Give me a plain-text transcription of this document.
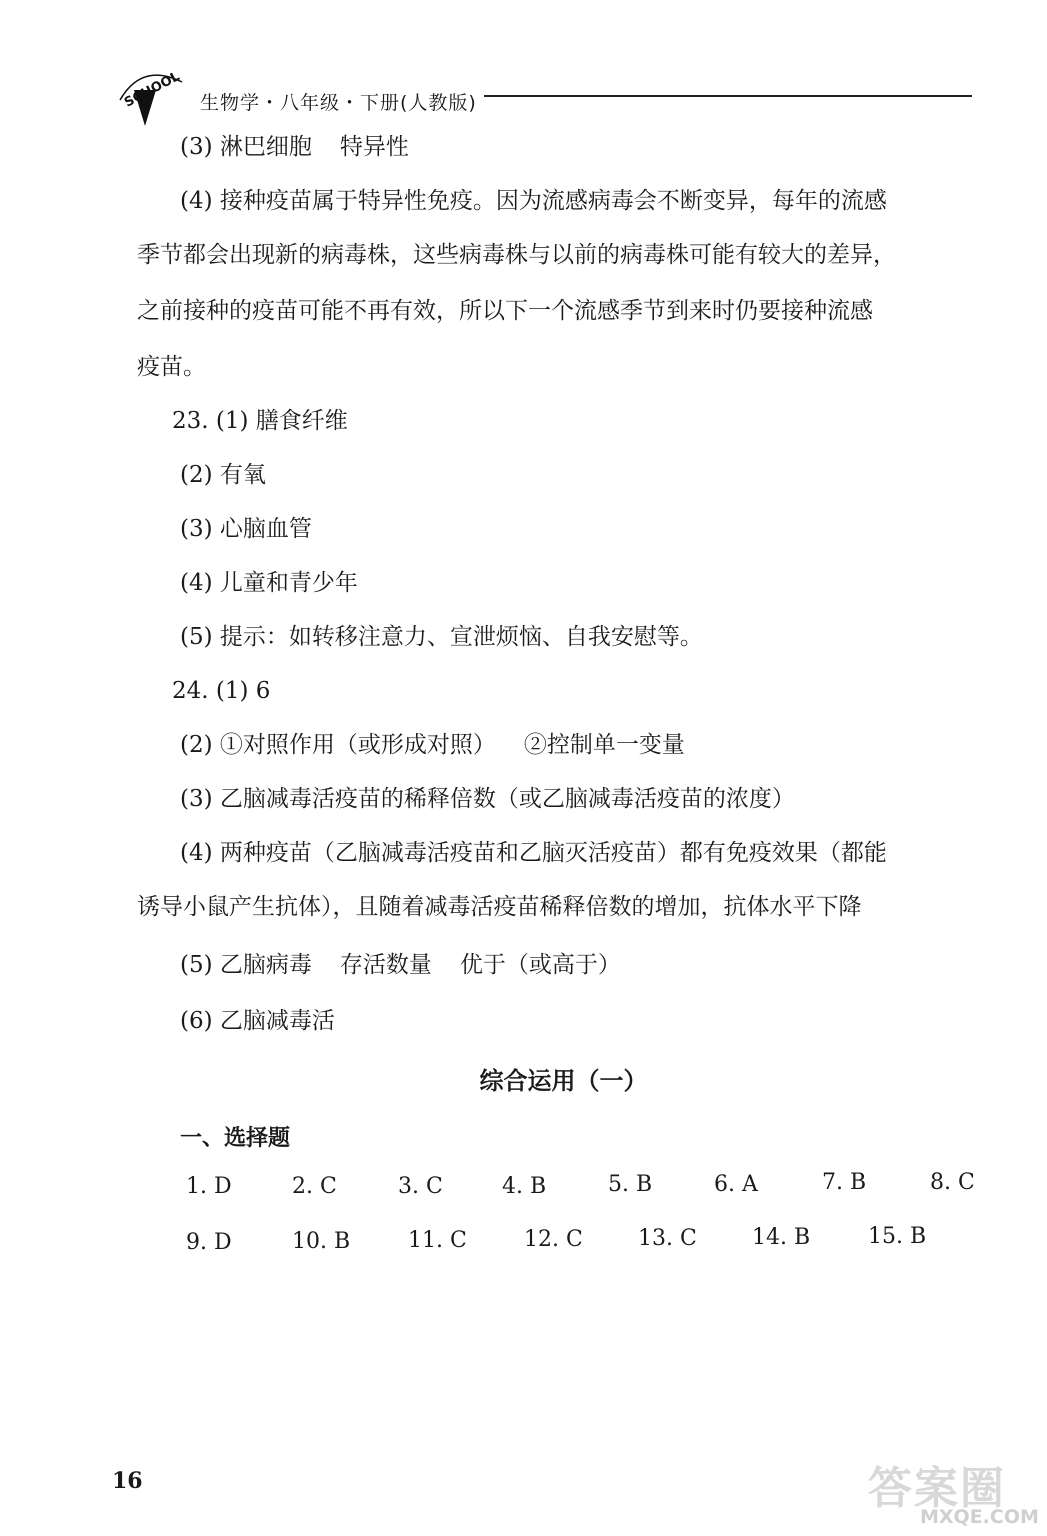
SCHOOL 生物学・八年级・下册(人教版)
(3) 淋巴细胞 特异性
(4) 接种疫苗属于特异性免疫。因为流感病毒会不断变异，每年的流感
季节都会出现新的病毒株，这些病毒株与以前的病毒株可能有较大的差异，
之前接种的疫苗可能不再有效，所以下一个流感季节到来时仍要接种流感
疫苗。
23. (1) 膳食纤维
(2) 有氧
(3) 心脑血管
(4) 儿童和青少年
(5) 提示：如转移注意力、宣泄烦恼、自我安慰等。
24. (1) 6
(2) ①对照作用（或形成对照） ②控制单一变量
(3) 乙脑减毒活疫苗的稀释倍数（或乙脑减毒活疫苗的浓度）
(4) 两种疫苗（乙脑减毒活疫苗和乙脑灭活疫苗）都有免疫效果（都能
诱导小鼠产生抗体），且随着减毒活疫苗稀释倍数的增加，抗体水平下降
(5) 乙脑病毒 存活数量 优于（或高于）
(6) 乙脑减毒活
综合运用（一）
一、选择题
1. D	2. C	3. C	4. B	5. B	6. A	7. B	8. C
9. D	10. B	11. C	12. C	13. C	14. B	15. B
16	答案圈
MXQE.COM
